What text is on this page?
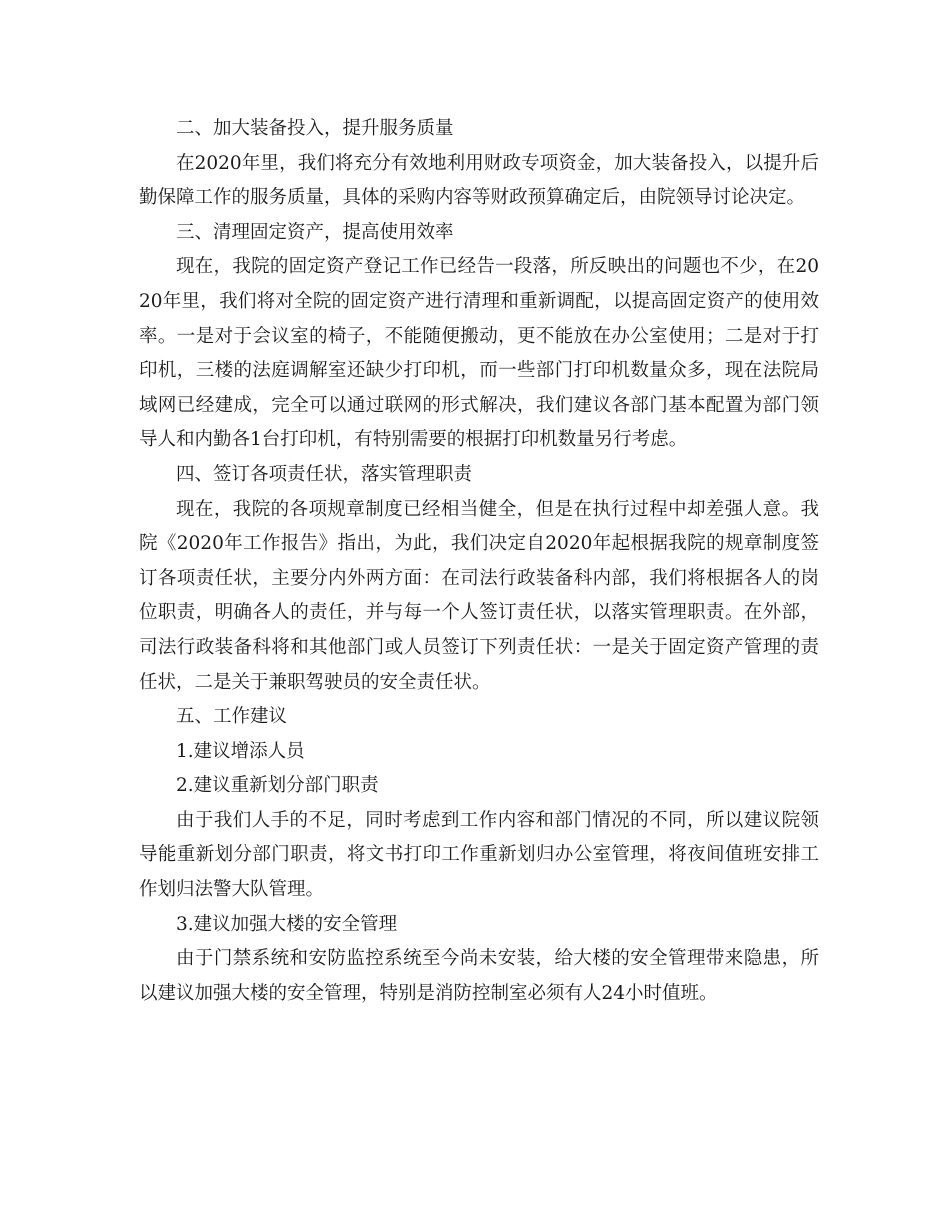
二、加大装备投入，提升服务质量

在2020年里，我们将充分有效地利用财政专项资金，加大装备投入，以提升后勤保障工作的服务质量，具体的采购内容等财政预算确定后，由院领导讨论决定。

三、清理固定资产，提高使用效率

现在，我院的固定资产登记工作已经告一段落，所反映出的问题也不少，在2020年里，我们将对全院的固定资产进行清理和重新调配，以提高固定资产的使用效率。一是对于会议室的椅子，不能随便搬动，更不能放在办公室使用；二是对于打印机，三楼的法庭调解室还缺少打印机，而一些部门打印机数量众多，现在法院局域网已经建成，完全可以通过联网的形式解决，我们建议各部门基本配置为部门领导人和内勤各1台打印机，有特别需要的根据打印机数量另行考虑。

四、签订各项责任状，落实管理职责

现在，我院的各项规章制度已经相当健全，但是在执行过程中却差强人意。我院《2020年工作报告》指出，为此，我们决定自2020年起根据我院的规章制度签订各项责任状，主要分内外两方面：在司法行政装备科内部，我们将根据各人的岗位职责，明确各人的责任，并与每一个人签订责任状，以落实管理职责。在外部，司法行政装备科将和其他部门或人员签订下列责任状：一是关于固定资产管理的责任状，二是关于兼职驾驶员的安全责任状。

五、工作建议

1.建议增添人员

2.建议重新划分部门职责

由于我们人手的不足，同时考虑到工作内容和部门情况的不同，所以建议院领导能重新划分部门职责，将文书打印工作重新划归办公室管理，将夜间值班安排工作划归法警大队管理。

3.建议加强大楼的安全管理

由于门禁系统和安防监控系统至今尚未安装，给大楼的安全管理带来隐患，所以建议加强大楼的安全管理，特别是消防控制室必须有人24小时值班。
